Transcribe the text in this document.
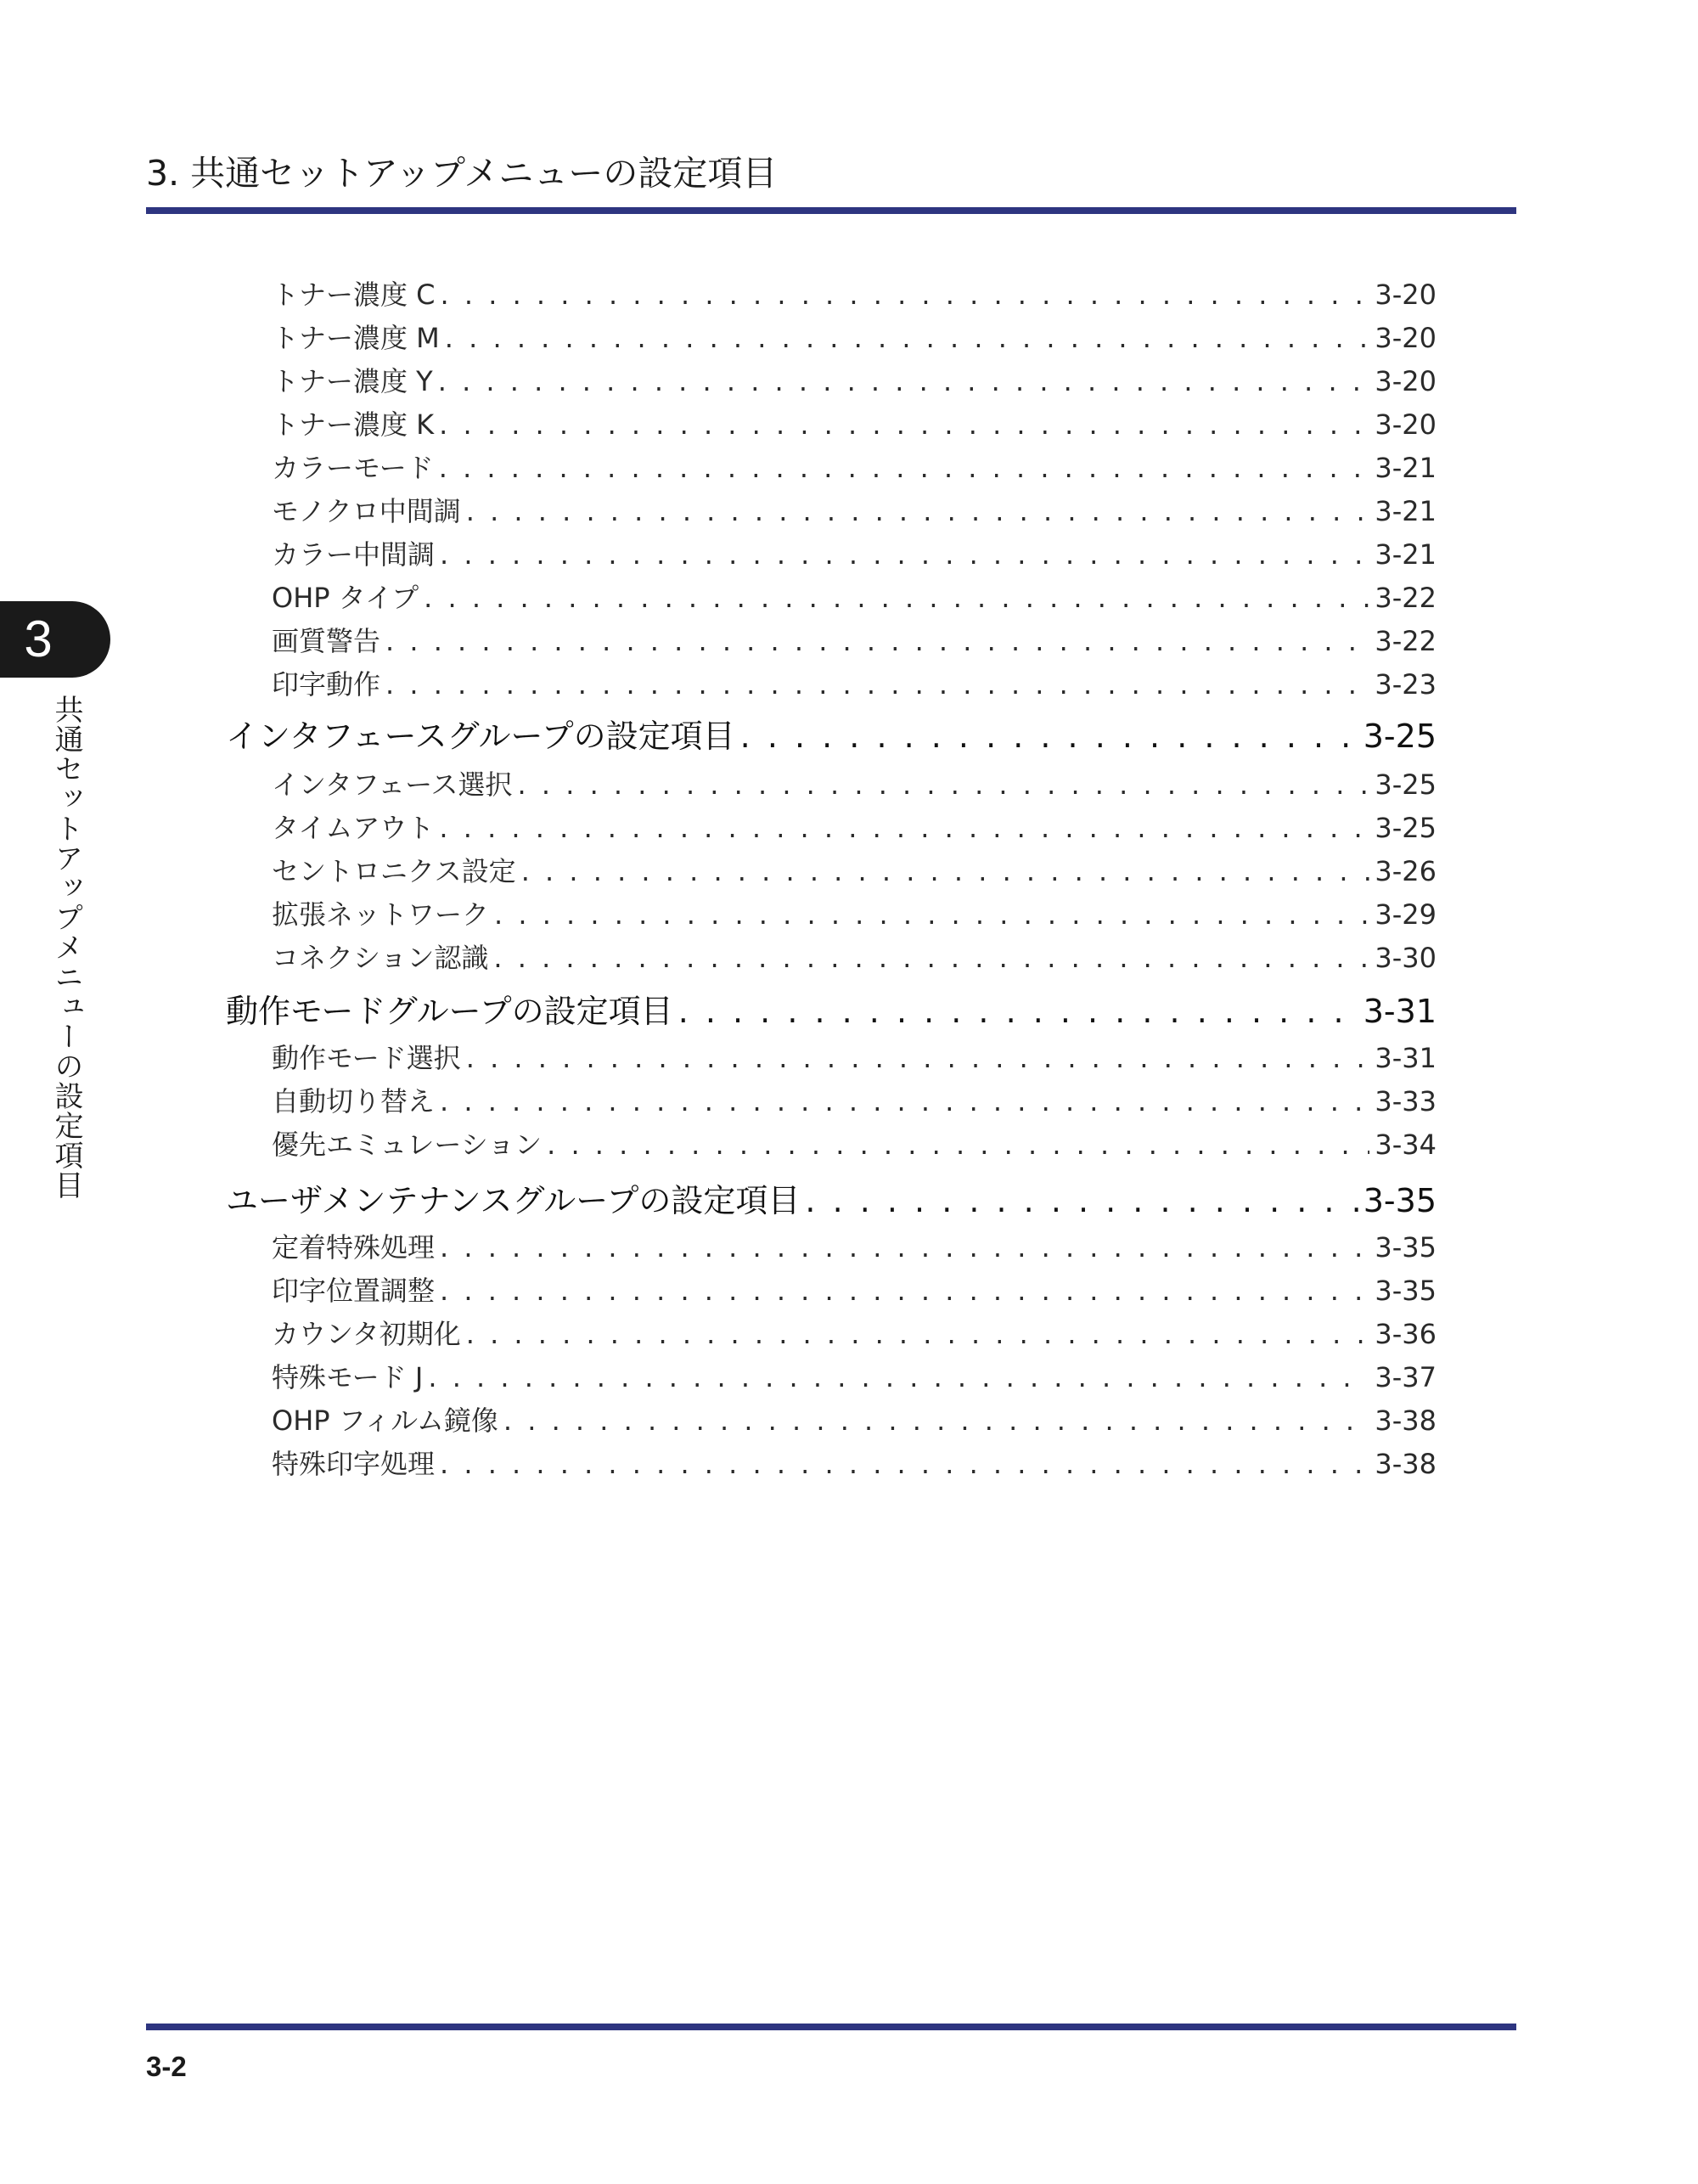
3. 共通セットアップメニューの設定項目
3
共通セットアップメニューの設定項目
トナー濃度 C . . .	3-20
トナー濃度 M . . .	3-20
トナー濃度 Y . . .	3-20
トナー濃度 K . . .	3-20
カラーモード . . .	3-21
モノクロ中間調 . . .	3-21
カラー中間調 . . .	3-21
OHP タイプ . . .	3-22
画質警告 . . .	3-22
印字動作 . . .	3-23
インタフェースグループの設定項目 . . .	3-25
インタフェース選択 . . .	3-25
タイムアウト . . .	3-25
セントロニクス設定 . . .	3-26
拡張ネットワーク . . .	3-29
コネクション認識 . . .	3-30
動作モードグループの設定項目 . . .	3-31
動作モード選択 . . .	3-31
自動切り替え . . .	3-33
優先エミュレーション . . .	3-34
ユーザメンテナンスグループの設定項目 . . .	3-35
定着特殊処理 . . .	3-35
印字位置調整 . . .	3-35
カウンタ初期化 . . .	3-36
特殊モード J . . .	3-37
OHP フィルム鏡像 . . .	3-38
特殊印字処理 . . .	3-38
3-2
